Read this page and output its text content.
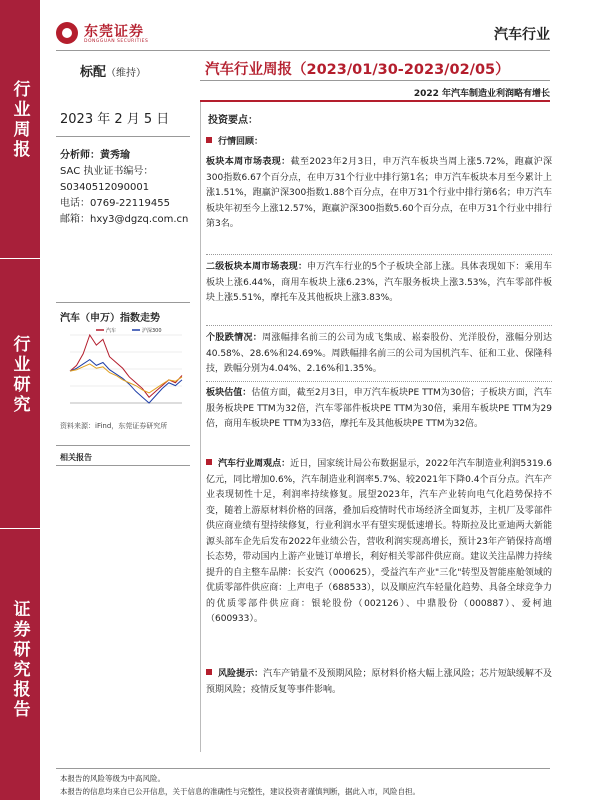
行业周报
行业研究
证券研究报告
东莞证券
DONGGUAN SECURITIES	汽车行业
标配（维持）	汽车行业周报（2023/01/30-2023/02/05）
2022 年汽车制造业利润略有增长
2023 年 2 月 5 日
分析师：黄秀瑜
SAC 执业证书编号：
S0340512090001
电话：0769-22119455
邮箱：hxy3@dgzq.com.cn
汽车（申万）指数走势
汽车	沪深300
资料来源：iFind，东莞证券研究所
相关报告
投资要点：
行情回顾：
板块本周市场表现：截至2023年2月3日，申万汽车板块当周上涨5.72%，跑赢沪深300指数6.67个百分点，在申万31个行业中排行第1名；申万汽车板块本月至今累计上涨1.51%，跑赢沪深300指数1.88个百分点，在申万31个行业中排行第6名；申万汽车板块年初至今上涨12.57%，跑赢沪深300指数5.60个百分点，在申万31个行业中排行第3名。
二级板块本周市场表现：申万汽车行业的5个子板块全部上涨。具体表现如下：乘用车板块上涨6.44%，商用车板块上涨6.23%，汽车服务板块上涨3.53%，汽车零部件板块上涨5.51%，摩托车及其他板块上涨3.83%。
个股跌情况：周涨幅排名前三的公司为成飞集成、崧泰股份、光洋股份，涨幅分别达40.58%、28.6%和24.69%。周跌幅排名前三的公司为国机汽车、征和工业、保隆科技，跌幅分别为4.04%、2.16%和1.35%。
板块估值：估值方面，截至2月3日，申万汽车板块PE TTM为30倍；子板块方面，汽车服务板块PE TTM为32倍，汽车零部件板块PE TTM为30倍，乘用车板块PE TTM为29倍，商用车板块PE TTM为33倍，摩托车及其他板块PE TTM为32倍。
汽车行业周观点：近日，国家统计局公布数据显示，2022年汽车制造业利润5319.6亿元，同比增加0.6%，汽车制造业利润率5.7%、较2021年下降0.4个百分点。汽车产业表现韧性十足，利润率持续修复。展望2023年，汽车产业转向电气化趋势保持不变，随着上游原材料价格的回落，叠加后疫情时代市场经济全面复苏，主机厂及零部件供应商业绩有望持续修复，行业利润水平有望实现低速增长。特斯拉及比亚迪两大新能源头部车企先后发布2022年业绩公告，营收利润实现高增长，预计23年产销保持高增长态势，带动国内上游产业链订单增长，利好相关零部件供应商。建议关注品牌力持续提升的自主整车品牌：长安汽（000625），受益汽车产业"三化"转型及智能座舱领域的优质零部件供应商：上声电子（688533），以及顺应汽车轻量化趋势、具备全球竞争力的优质零部件供应商：银轮股份（002126）、中鼎股份（000887）、爱柯迪（600933）。
风险提示：汽车产销量不及预期风险；原材料价格大幅上涨风险；芯片短缺缓解不及预期风险；疫情反复等事件影响。
本报告的风险等级为中高风险。
本报告的信息均来自已公开信息，关于信息的准确性与完整性，建议投资者谨慎判断，据此入市，风险自担。
